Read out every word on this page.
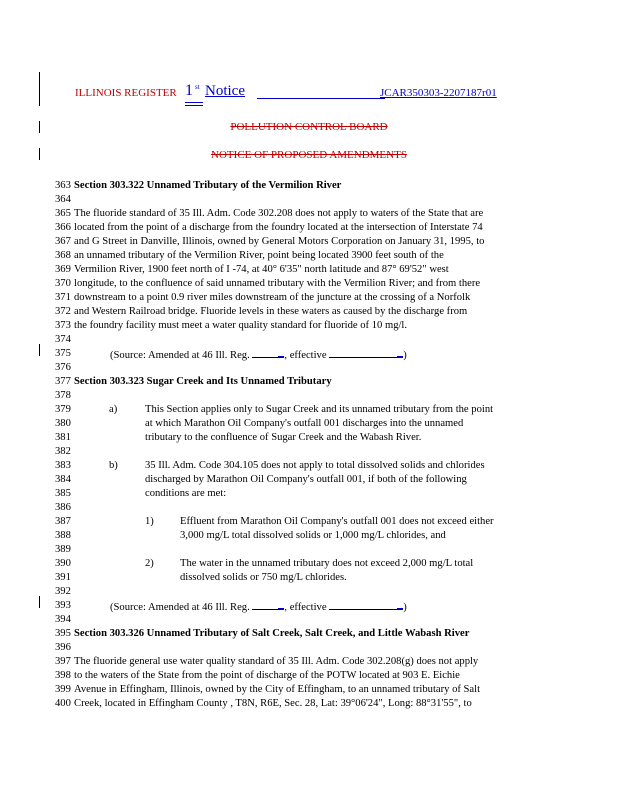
ILLINOIS REGISTER 1 st Notice	JCAR350303-2207187r01
POLLUTION CONTROL BOARD
NOTICE OF PROPOSED AMENDMENTS
363 Section 303.322 Unnamed Tributary of the Vermilion River
364
365 The fluoride standard of 35 Ill. Adm. Code 302.208 does not apply to waters of the State that are
366 located from the point of a discharge from the foundry located at the intersection of Interstate 74
367 and G Street in Danville, Illinois, owned by General Motors Corporation on January 31, 1995, to
368 an unnamed tributary of the Vermilion River, point being located 3900 feet south of the
369 Vermilion River, 1900 feet north of I -74, at 40° 6'35" north latitude and 87° 69'52" west
370 longitude, to the confluence of said unnamed tributary with the Vermilion River; and from there
371 downstream to a point 0.9 river miles downstream of the juncture at the crossing of a Norfolk
372 and Western Railroad bridge. Fluoride levels in these waters as caused by the discharge from
373 the foundry facility must meet a water quality standard for fluoride of 10 mg/l.
374
375	(Source: Amended at 46 Ill. Reg.	, effective	)
376
377 Section 303.323 Sugar Creek and Its Unnamed Tributary
378
379	a)	This Section applies only to Sugar Creek and its unnamed tributary from the point
380	at which Marathon Oil Company's outfall 001 discharges into the unnamed
381	tributary to the confluence of Sugar Creek and the Wabash River.
382
383	b)	35 Ill. Adm. Code 304.105 does not apply to total dissolved solids and chlorides
384	discharged by Marathon Oil Company's outfall 001, if both of the following
385	conditions are met:
386
387	1) Effluent from Marathon Oil Company's outfall 001 does not exceed either
388	3,000 mg/L total dissolved solids or 1,000 mg/L chlorides, and
389
390	2) The water in the unnamed tributary does not exceed 2,000 mg/L total
391	dissolved solids or 750 mg/L chlorides.
392
393	(Source: Amended at 46 Ill. Reg.	, effective	)
394
395 Section 303.326 Unnamed Tributary of Salt Creek, Salt Creek, and Little Wabash River
396
397 The fluoride general use water quality standard of 35 Ill. Adm. Code 302.208(g) does not apply
398 to the waters of the State from the point of discharge of the POTW located at 903 E. Eichie
399 Avenue in Effingham, Illinois, owned by the City of Effingham, to an unnamed tributary of Salt
400 Creek, located in Effingham County , T8N, R6E, Sec. 28, Lat: 39°06'24", Long: 88°31'55", to
